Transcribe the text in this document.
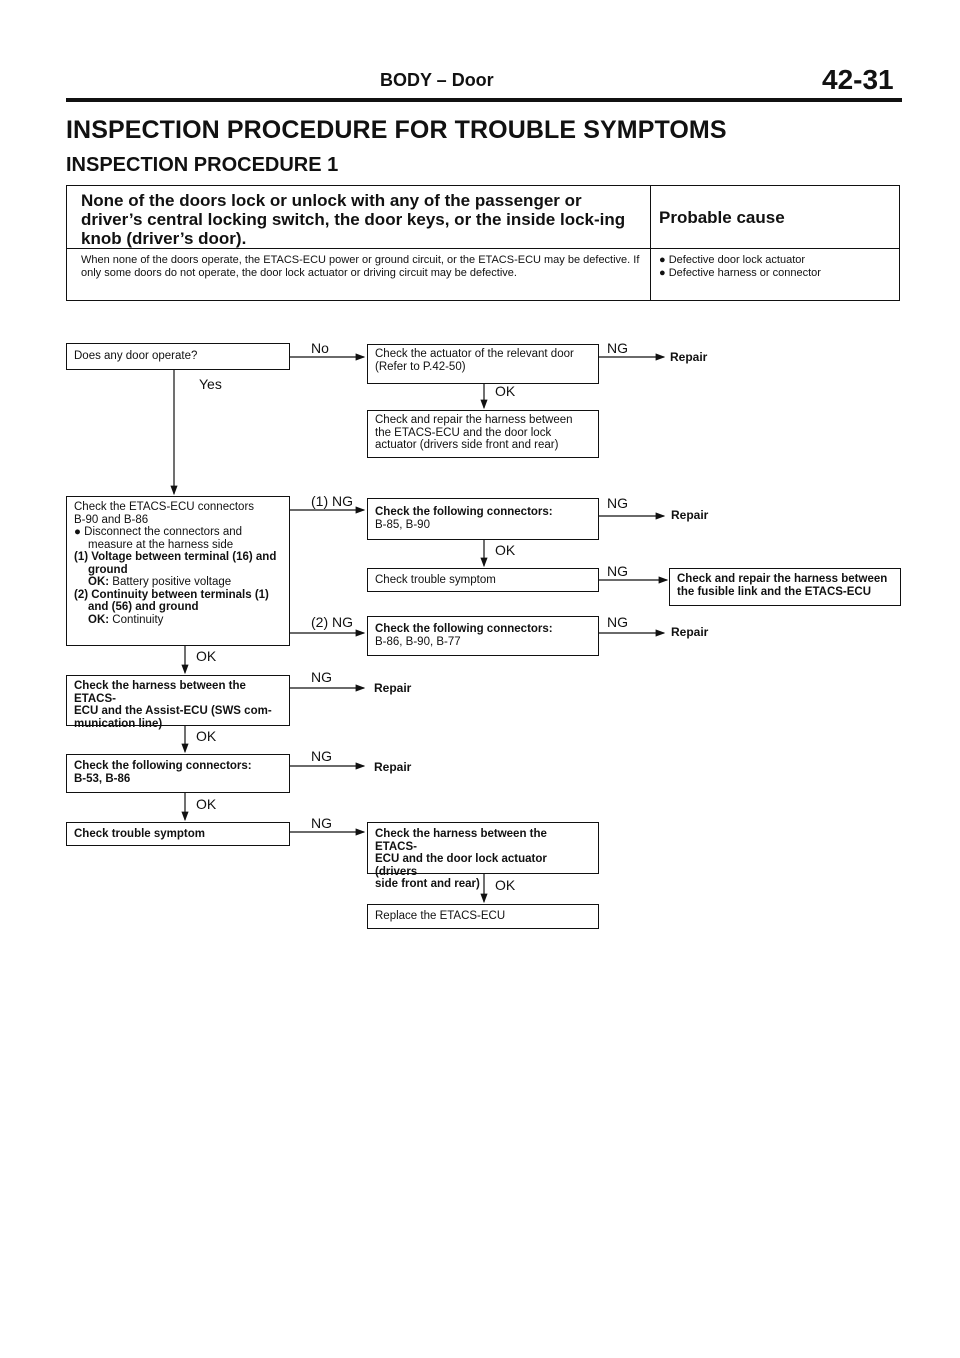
BODY – Door	42-31
INSPECTION PROCEDURE FOR TROUBLE SYMPTOMS
INSPECTION PROCEDURE 1
None of the doors lock or unlock with any of the passenger or driver’s central locking switch, the door keys, or the inside lock-ing knob (driver’s door).
Probable cause
When none of the doors operate, the ETACS-ECU power or ground circuit, or the ETACS-ECU may be defective. If only some doors do not operate, the door lock actuator or driving circuit may be defective.
● Defective door lock actuator
● Defective harness or connector
Does any door operate?	Check the actuator of the relevant door
(Refer to P.42-50)
Check and repair the harness between the ETACS-ECU and the door lock actuator (drivers side front and rear)
Check the ETACS-ECU connectors
B-90 and B-86
● Disconnect the connectors and
measure at the harness side
(1) Voltage between terminal (16) and
ground
OK: Battery positive voltage
(2) Continuity between terminals (1)
and (56) and ground
OK: Continuity
Check the following connectors:
B-85, B-90
Check trouble symptom	Check and repair the harness between
the fusible link and the ETACS-ECU
Check the following connectors:
B-86, B-90, B-77
Check the harness between the ETACS-
ECU and the Assist-ECU (SWS com-
munication line)
Check the following connectors:
B-53, B-86
Check trouble symptom	Check the harness between the ETACS-
ECU and the door lock actuator (drivers
side front and rear)
Replace the ETACS-ECU
No	NG
Repair
Yes	OK
(1) NG	NG
Repair
OK
NG
(2) NG	NG
Repair
OK
NG
Repair
OK
NG
Repair
OK
NG
OK
